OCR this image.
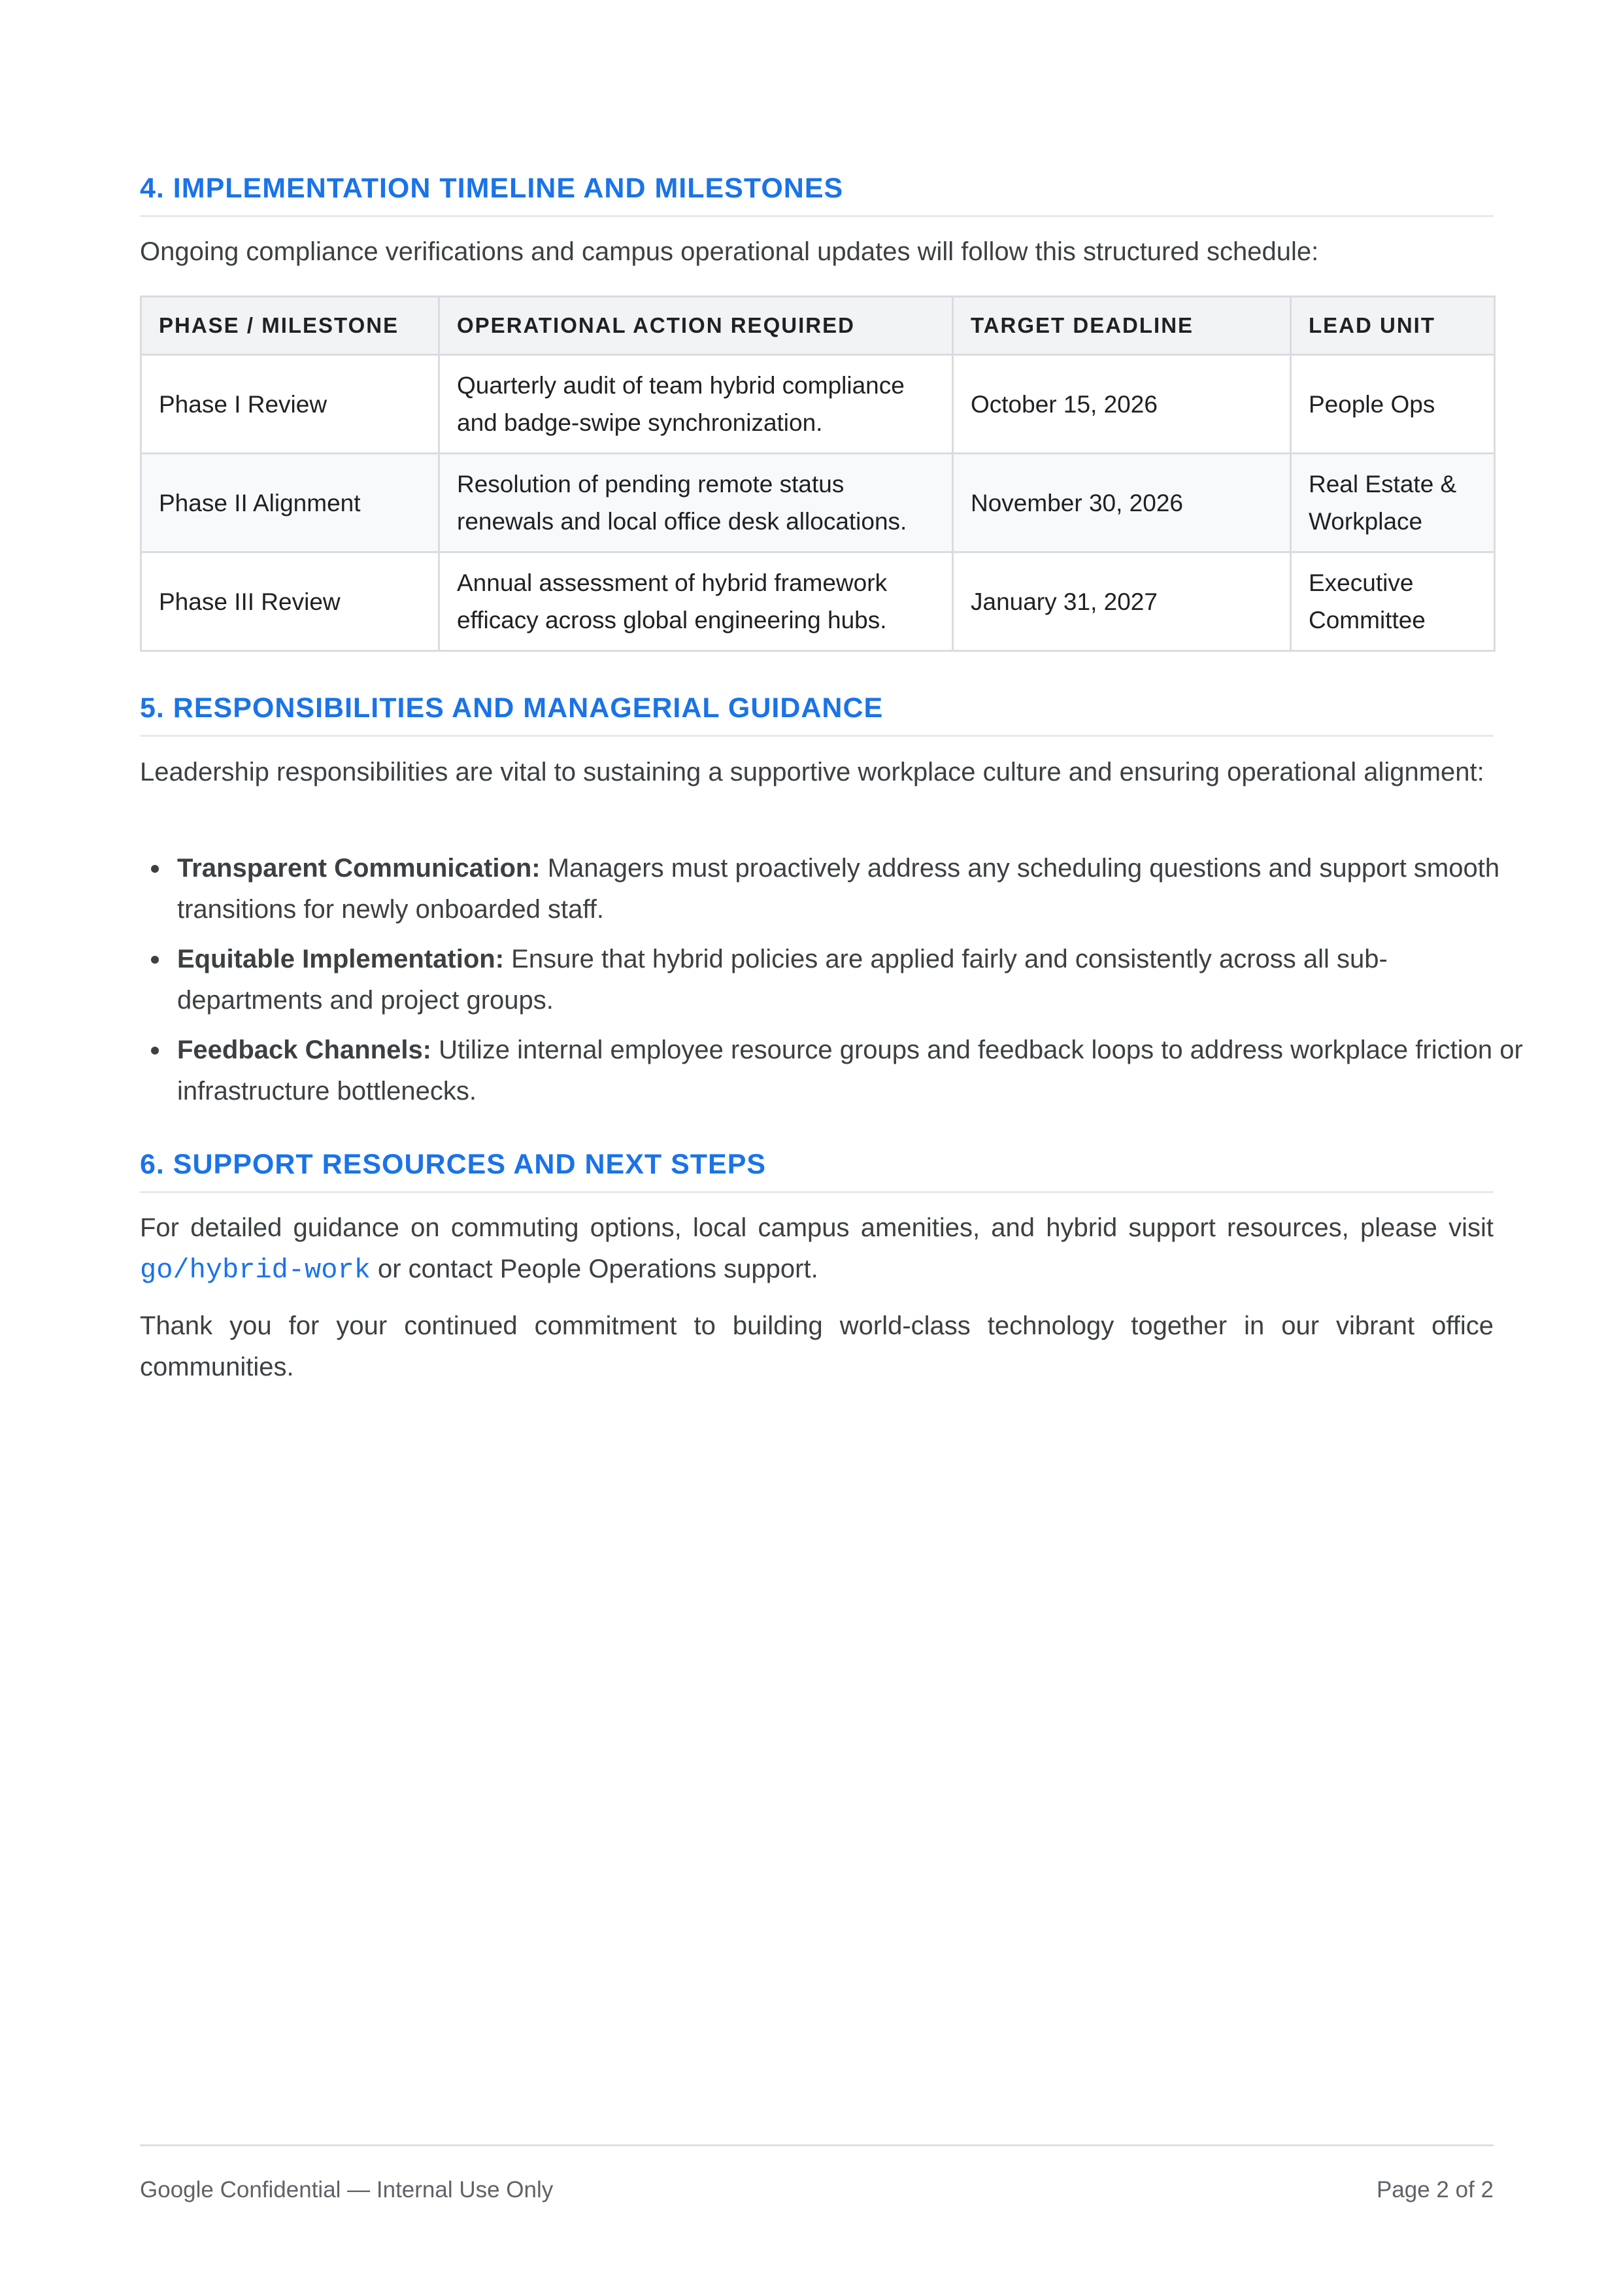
4. IMPLEMENTATION TIMELINE AND MILESTONES

Ongoing compliance verifications and campus operational updates will follow this structured schedule:

PHASE / MILESTONE	OPERATIONAL ACTION REQUIRED	TARGET DEADLINE	LEAD UNIT
Phase I Review	Quarterly audit of team hybrid compliance and badge-swipe synchronization.	October 15, 2026	People Ops
Phase II Alignment	Resolution of pending remote status renewals and local office desk allocations.	November 30, 2026	Real Estate & Workplace
Phase III Review	Annual assessment of hybrid framework efficacy across global engineering hubs.	January 31, 2027	Executive Committee
5. RESPONSIBILITIES AND MANAGERIAL GUIDANCE

Leadership responsibilities are vital to sustaining a supportive workplace culture and ensuring operational alignment:

Transparent Communication: Managers must proactively address any scheduling questions and support smooth transitions for newly onboarded staff.
Equitable Implementation: Ensure that hybrid policies are applied fairly and consistently across all sub-departments and project groups.
Feedback Channels: Utilize internal employee resource groups and feedback loops to address workplace friction or infrastructure bottlenecks.
6. SUPPORT RESOURCES AND NEXT STEPS

For detailed guidance on commuting options, local campus amenities, and hybrid support resources, please visit go/hybrid-work or contact People Operations support.

Thank you for your continued commitment to building world-class technology together in our vibrant office communities.

Google Confidential — Internal Use Only	Page 2 of 2
